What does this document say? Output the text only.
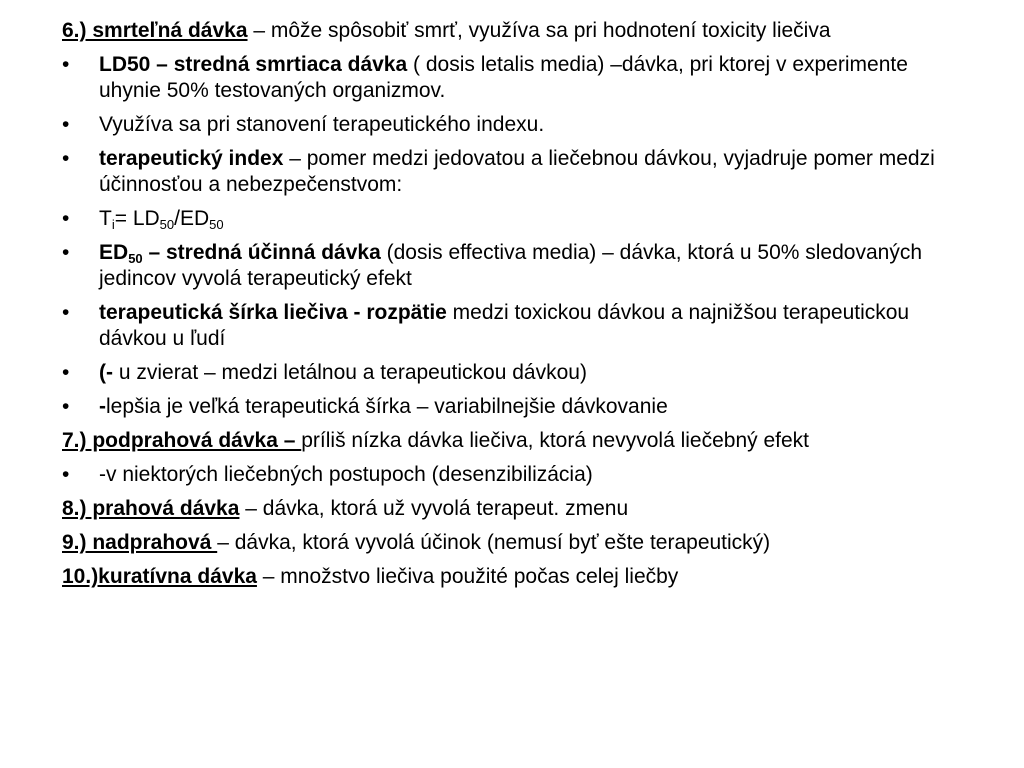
6.) smrteľná dávka – môže spôsobiť smrť, využíva sa pri hodnotení toxicity liečiva
•	LD50 – stredná smrtiaca dávka ( dosis letalis media) –dávka, pri ktorej v experimente uhynie 50% testovaných organizmov.
•	Využíva sa pri stanovení terapeutického indexu.
•	terapeutický index – pomer medzi jedovatou a liečebnou dávkou, vyjadruje pomer medzi účinnosťou a nebezpečenstvom:
•	$T_i= LD_{50}/ED_{50}$
•	$ED_{50}$ – stredná účinná dávka (dosis effectiva media) – dávka, ktorá u 50% sledovaných jedincov vyvolá terapeutický efekt
•	terapeutická šírka liečiva - rozpätie medzi toxickou dávkou a najnižšou terapeutickou dávkou u ľudí
•	(- u zvierat – medzi letálnou a terapeutickou dávkou)
•	-lepšia je veľká terapeutická šírka – variabilnejšie dávkovanie
7.) podprahová dávka – príliš nízka dávka liečiva, ktorá nevyvolá liečebný efekt
•	-v niektorých liečebných postupoch (desenzibilizácia)
8.) prahová dávka – dávka, ktorá už vyvolá terapeut. zmenu
9.) nadprahová – dávka, ktorá vyvolá účinok (nemusí byť ešte terapeutický)
10.)kuratívna dávka – množstvo liečiva použité počas celej liečby
